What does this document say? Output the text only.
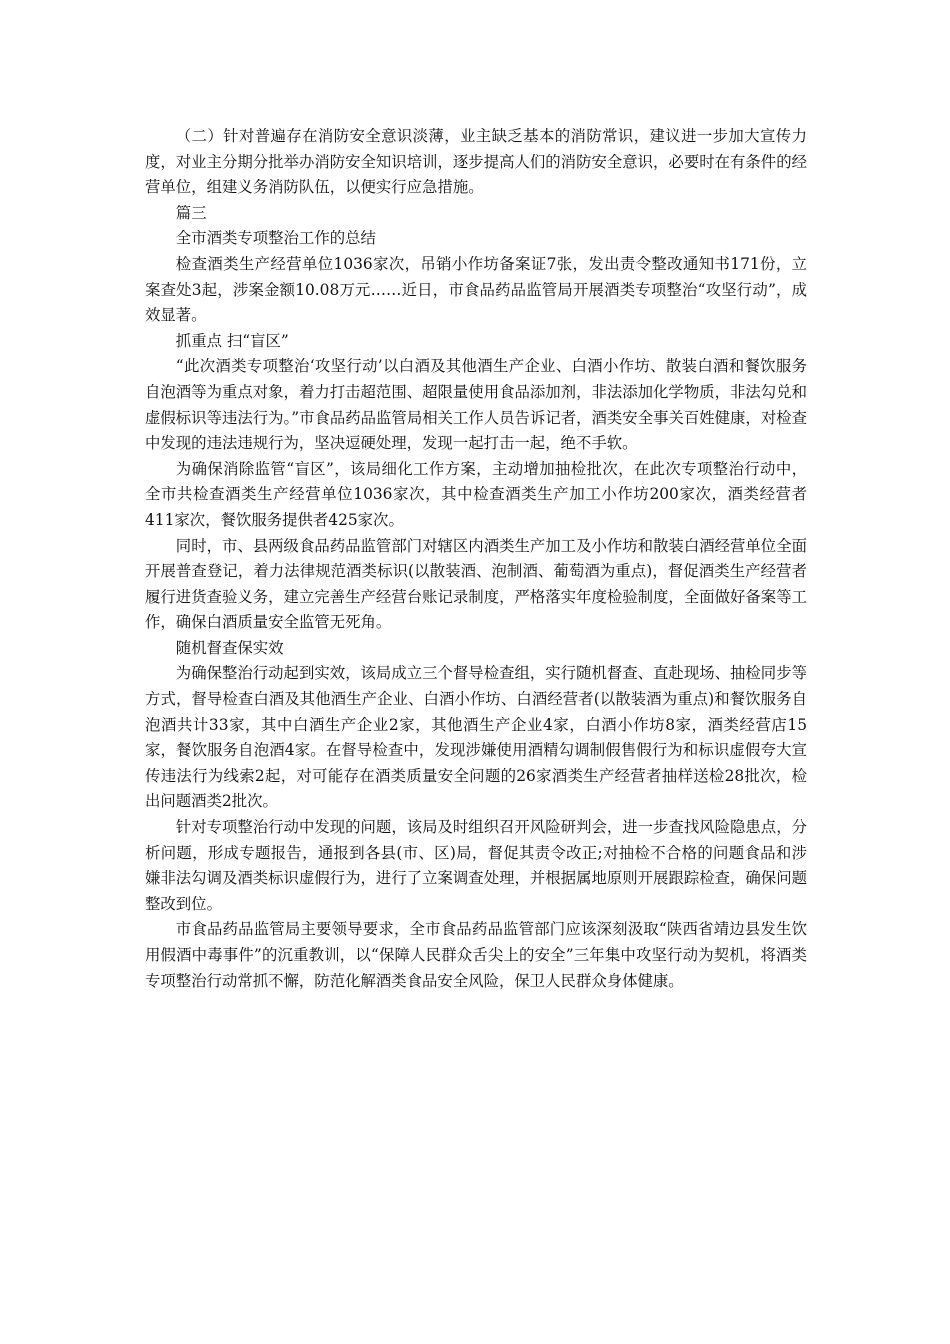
（二）针对普遍存在消防安全意识淡薄，业主缺乏基本的消防常识，建议进一步加大宣传力度，对业主分期分批举办消防安全知识培训，逐步提高人们的消防安全意识，必要时在有条件的经营单位，组建义务消防队伍，以便实行应急措施。

篇三

全市酒类专项整治工作的总结

检查酒类生产经营单位1036家次，吊销小作坊备案证7张，发出责令整改通知书171份，立案查处3起，涉案金额10.08万元……近日，市食品药品监管局开展酒类专项整治“攻坚行动”，成效显著。

抓重点 扫“盲区”

“此次酒类专项整治‘攻坚行动’以白酒及其他酒生产企业、白酒小作坊、散装白酒和餐饮服务自泡酒等为重点对象，着力打击超范围、超限量使用食品添加剂，非法添加化学物质，非法勾兑和虚假标识等违法行为。”市食品药品监管局相关工作人员告诉记者，酒类安全事关百姓健康，对检查中发现的违法违规行为，坚决逗硬处理，发现一起打击一起，绝不手软。

为确保消除监管“盲区”，该局细化工作方案，主动增加抽检批次，在此次专项整治行动中，全市共检查酒类生产经营单位1036家次，其中检查酒类生产加工小作坊200家次，酒类经营者411家次，餐饮服务提供者425家次。

同时，市、县两级食品药品监管部门对辖区内酒类生产加工及小作坊和散装白酒经营单位全面开展普查登记，着力法律规范酒类标识(以散装酒、泡制酒、葡萄酒为重点)，督促酒类生产经营者履行进货查验义务，建立完善生产经营台账记录制度，严格落实年度检验制度，全面做好备案等工作，确保白酒质量安全监管无死角。

随机督查保实效

为确保整治行动起到实效，该局成立三个督导检查组，实行随机督查、直赴现场、抽检同步等方式，督导检查白酒及其他酒生产企业、白酒小作坊、白酒经营者(以散装酒为重点)和餐饮服务自泡酒共计33家，其中白酒生产企业2家，其他酒生产企业4家，白酒小作坊8家，酒类经营店15家，餐饮服务自泡酒4家。在督导检查中，发现涉嫌使用酒精勾调制假售假行为和标识虚假夸大宣传违法行为线索2起，对可能存在酒类质量安全问题的26家酒类生产经营者抽样送检28批次，检出问题酒类2批次。

针对专项整治行动中发现的问题，该局及时组织召开风险研判会，进一步查找风险隐患点，分析问题，形成专题报告，通报到各县(市、区)局，督促其责令改正;对抽检不合格的问题食品和涉嫌非法勾调及酒类标识虚假行为，进行了立案调查处理，并根据属地原则开展跟踪检查，确保问题整改到位。

市食品药品监管局主要领导要求，全市食品药品监管部门应该深刻汲取“陕西省靖边县发生饮用假酒中毒事件”的沉重教训，以“保障人民群众舌尖上的安全”三年集中攻坚行动为契机，将酒类专项整治行动常抓不懈，防范化解酒类食品安全风险，保卫人民群众身体健康。
